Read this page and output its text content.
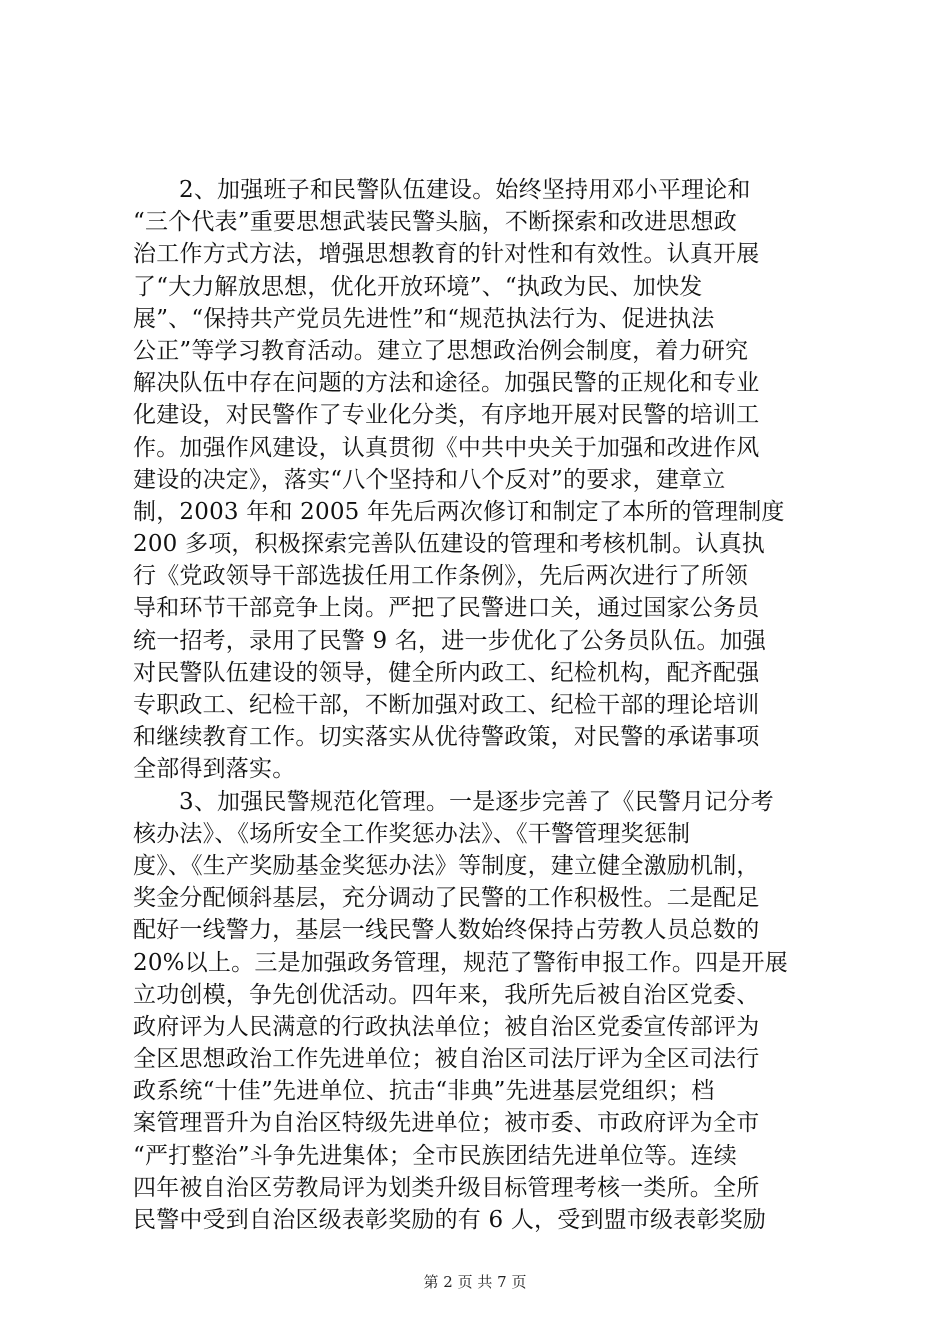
2、加强班子和民警队伍建设。始终坚持用邓小平理论和
“三个代表”重要思想武装民警头脑，不断探索和改进思想政
治工作方式方法，增强思想教育的针对性和有效性。认真开展
了“大力解放思想，优化开放环境”、“执政为民、加快发
展”、“保持共产党员先进性”和“规范执法行为、促进执法
公正”等学习教育活动。建立了思想政治例会制度，着力研究
解决队伍中存在问题的方法和途径。加强民警的正规化和专业
化建设，对民警作了专业化分类，有序地开展对民警的培训工
作。加强作风建设，认真贯彻《中共中央关于加强和改进作风
建设的决定》，落实“八个坚持和八个反对”的要求，建章立
制，2003 年和 2005 年先后两次修订和制定了本所的管理制度
200 多项，积极探索完善队伍建设的管理和考核机制。认真执
行《党政领导干部选拔任用工作条例》，先后两次进行了所领
导和环节干部竞争上岗。严把了民警进口关，通过国家公务员
统一招考，录用了民警 9 名，进一步优化了公务员队伍。加强
对民警队伍建设的领导，健全所内政工、纪检机构，配齐配强
专职政工、纪检干部，不断加强对政工、纪检干部的理论培训
和继续教育工作。切实落实从优待警政策，对民警的承诺事项
全部得到落实。
3、加强民警规范化管理。一是逐步完善了《民警月记分考
核办法》、《场所安全工作奖惩办法》、《干警管理奖惩制
度》、《生产奖励基金奖惩办法》等制度，建立健全激励机制，
奖金分配倾斜基层，充分调动了民警的工作积极性。二是配足
配好一线警力，基层一线民警人数始终保持占劳教人员总数的
20%以上。三是加强政务管理，规范了警衔申报工作。四是开展
立功创模，争先创优活动。四年来，我所先后被自治区党委、
政府评为人民满意的行政执法单位；被自治区党委宣传部评为
全区思想政治工作先进单位；被自治区司法厅评为全区司法行
政系统“十佳”先进单位、抗击“非典”先进基层党组织；档
案管理晋升为自治区特级先进单位；被市委、市政府评为全市
“严打整治”斗争先进集体；全市民族团结先进单位等。连续
四年被自治区劳教局评为划类升级目标管理考核一类所。全所
民警中受到自治区级表彰奖励的有 6 人，受到盟市级表彰奖励
第 2 页 共 7 页
